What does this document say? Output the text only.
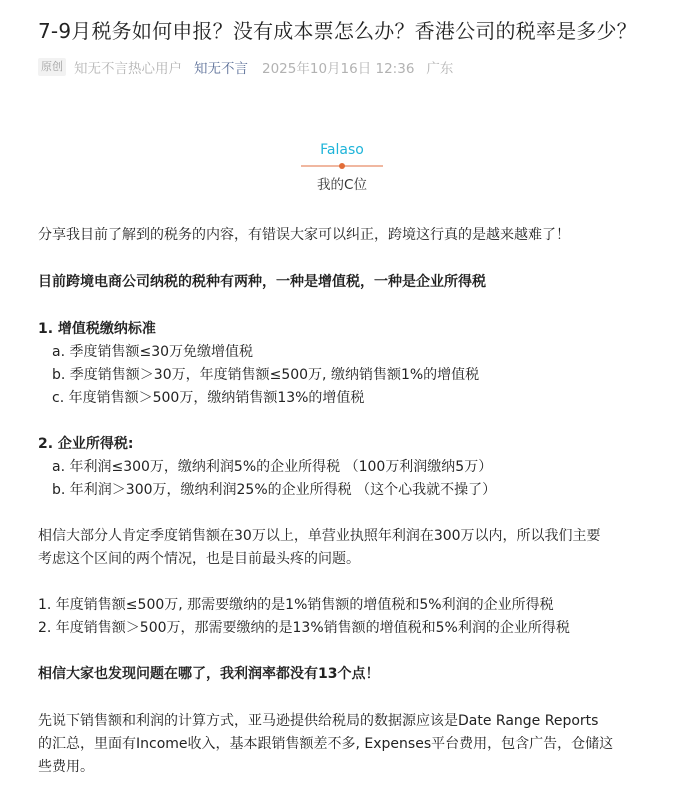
7-9月税务如何申报？没有成本票怎么办？香港公司的税率是多少？
原创 知无不言热心用户 知无不言 2025年10月16日 12:36 广东
Falaso
我的C位

分享我目前了解到的税务的内容，有错误大家可以纠正，跨境这行真的是越来越难了！

目前跨境电商公司纳税的税种有两种，一种是增值税，一种是企业所得税

1. 增值税缴纳标准

a. 季度销售额≤30万免缴增值税

b. 季度销售额＞30万，年度销售额≤500万, 缴纳销售额1%的增值税

c. 年度销售额＞500万，缴纳销售额13%的增值税

2. 企业所得税:

a. 年利润≤300万，缴纳利润5%的企业所得税 （100万利润缴纳5万）

b. 年利润＞300万，缴纳利润25%的企业所得税 （这个心我就不操了）

相信大部分人肯定季度销售额在30万以上，单营业执照年利润在300万以内，所以我们主要

考虑这个区间的两个情况，也是目前最头疼的问题。

1. 年度销售额≤500万, 那需要缴纳的是1%销售额的增值税和5%利润的企业所得税

2. 年度销售额＞500万，那需要缴纳的是13%销售额的增值税和5%利润的企业所得税

相信大家也发现问题在哪了，我利润率都没有13个点！

先说下销售额和利润的计算方式，亚马逊提供给税局的数据源应该是Date Range Reports

的汇总，里面有Income收入，基本跟销售额差不多, Expenses平台费用，包含广告，仓储这

些费用。
